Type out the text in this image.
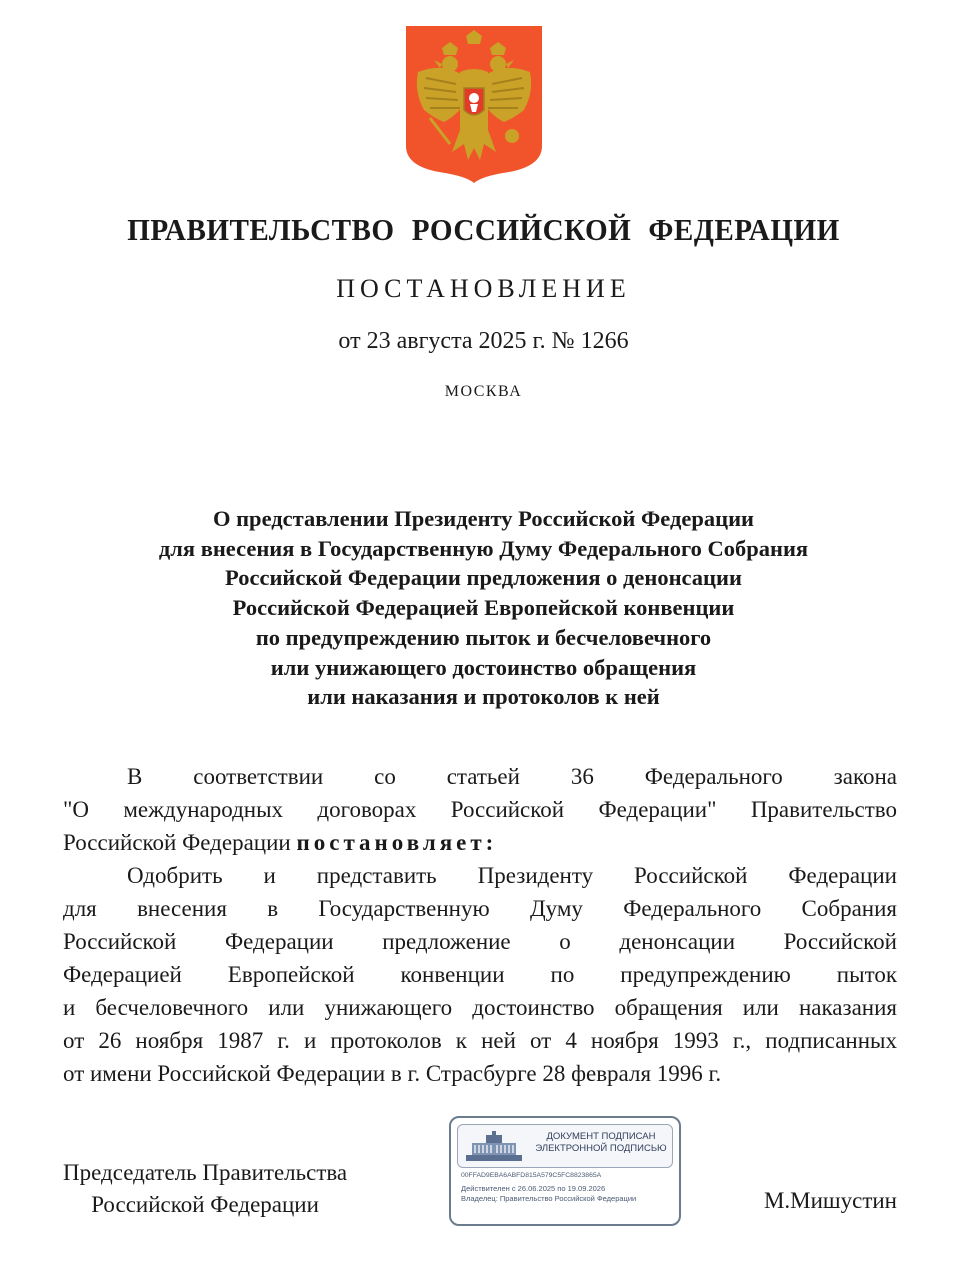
ПРАВИТЕЛЬСТВО РОССИЙСКОЙ ФЕДЕРАЦИИ
ПОСТАНОВЛЕНИЕ
от 23 августа 2025 г. № 1266
МОСКВА
О представлении Президенту Российской Федерации
для внесения в Государственную Думу Федерального Собрания
Российской Федерации предложения о денонсации
Российской Федерацией Европейской конвенции
по предупреждению пыток и бесчеловечного
или унижающего достоинство обращения
или наказания и протоколов к ней
В соответствии со статьей 36 Федерального закона
"О международных договорах Российской Федерации" Правительство
Российской Федерации постановляет:
Одобрить и представить Президенту Российской Федерации
для внесения в Государственную Думу Федерального Собрания
Российской Федерации предложение о денонсации Российской
Федерацией Европейской конвенции по предупреждению пыток
и бесчеловечного или унижающего достоинство обращения или наказания
от 26 ноября 1987 г. и протоколов к ней от 4 ноября 1993 г., подписанных
от имени Российской Федерации в г. Страсбурге 28 февраля 1996 г.
Председатель Правительства
Российской Федерации
ДОКУМЕНТ ПОДПИСАН
ЭЛЕКТРОННОЙ ПОДПИСЬЮ
00FFAD9EBA6ABFD815A579C5FC8823865A
Действителен с 26.06.2025 по 19.09.2026
Владелец: Правительство Российской Федерации	М.Мишустин
